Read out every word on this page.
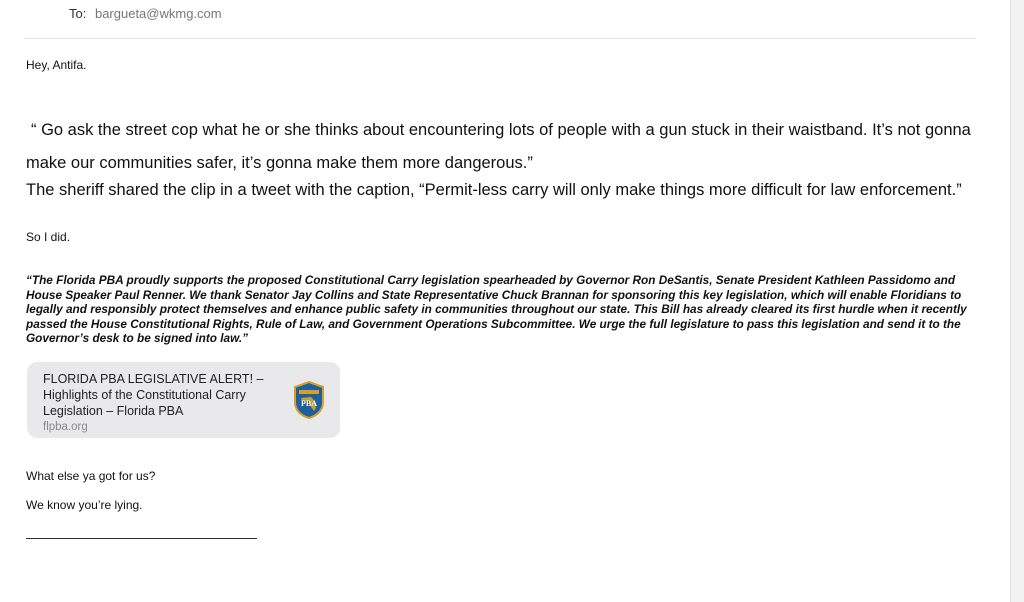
To: bargueta@wkmg.com

Hey, Antifa.

“ Go ask the street cop what he or she thinks about encountering lots of people with a gun stuck in their waistband. It’s not gonna
make our communities safer, it’s gonna make them more dangerous.”

The sheriff shared the clip in a tweet with the caption, “Permit-less carry will only make things more difficult for law enforcement.”

So I did.

“The Florida PBA proudly supports the proposed Constitutional Carry legislation spearheaded by Governor Ron DeSantis, Senate President Kathleen Passidomo and House Speaker Paul Renner. We thank Senator Jay Collins and State Representative Chuck Brannan for sponsoring this key legislation, which will enable Floridians to legally and responsibly protect themselves and enhance public safety in communities throughout our state. This Bill has already cleared its first hurdle when it recently passed the House Constitutional Rights, Rule of Law, and Government Operations Subcommittee. We urge the full legislature to pass this legislation and send it to the Governor’s desk to be signed into law.”

FLORIDA PBA LEGISLATIVE ALERT! – Highlights of the Constitutional Carry Legislation – Florida PBA
flpba.org
PBA

What else ya got for us?

We know you’re lying.
